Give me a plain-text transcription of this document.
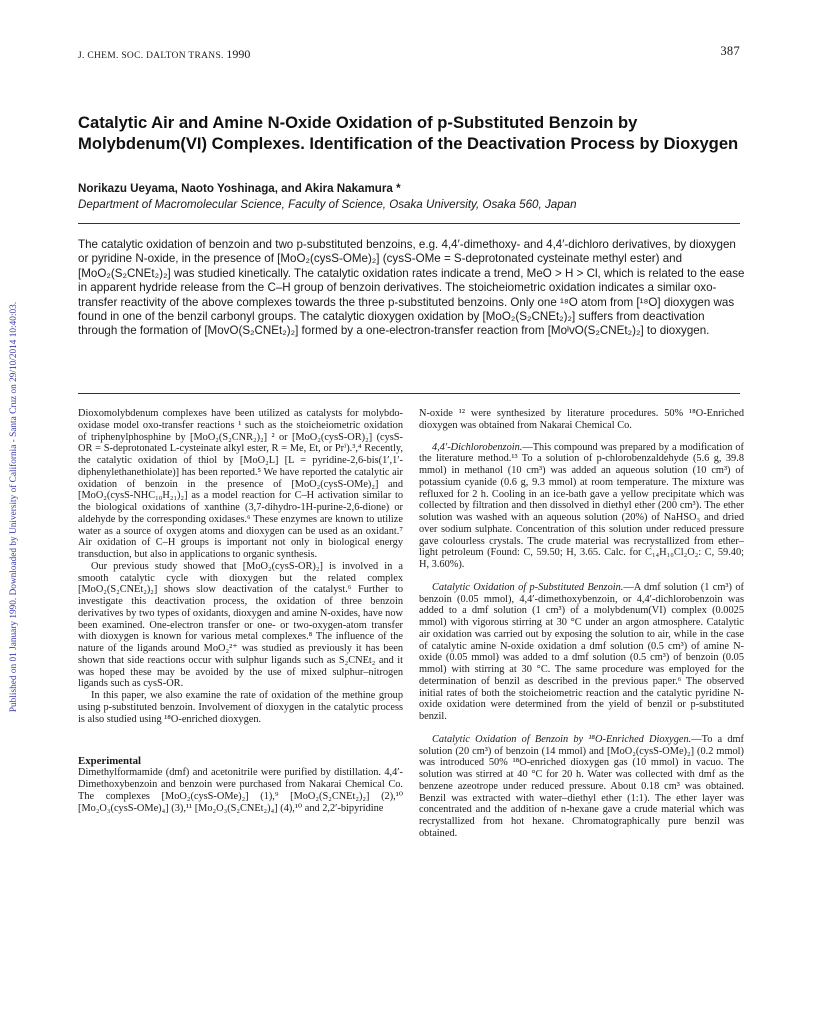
Published on 01 January 1990. Downloaded by University of California - Santa Cruz on 29/10/2014 10:40:03.
J. CHEM. SOC. DALTON TRANS. 1990	387
Catalytic Air and Amine N-Oxide Oxidation of p-Substituted Benzoin by Molybdenum(VI) Complexes. Identification of the Deactivation Process by Dioxygen
Norikazu Ueyama, Naoto Yoshinaga, and Akira Nakamura *
Department of Macromolecular Science, Faculty of Science, Osaka University, Osaka 560, Japan

The catalytic oxidation of benzoin and two p-substituted benzoins, e.g. 4,4′-dimethoxy- and 4,4′-dichloro derivatives, by dioxygen or pyridine N-oxide, in the presence of [MoO₂(cysS-OMe)₂] (cysS-OMe = S-deprotonated cysteinate methyl ester) and [MoO₂(S₂CNEt₂)₂] was studied kinetically. The catalytic oxidation rates indicate a trend, MeO > H > Cl, which is related to the ease in apparent hydride release from the C–H group of benzoin derivatives. The stoicheiometric oxidation indicates a similar oxo-transfer reactivity of the above complexes towards the three p-substituted benzoins. Only one ¹⁸O atom from [¹⁸O] dioxygen was found in one of the benzil carbonyl groups. The catalytic dioxygen oxidation by [MoO₂(S₂CNEt₂)₂] suffers from deactivation through the formation of [MoᴠO(S₂CNEt₂)₂] formed by a one-electron-transfer reaction from [MoᴵᴠO(S₂CNEt₂)₂] to dioxygen.

Dioxomolybdenum complexes have been utilized as catalysts for molybdo-oxidase model oxo-transfer reactions ¹ such as the stoicheiometric oxidation of triphenylphosphine by [MoO₂(S₂CNR₂)₂] ² or [MoO₂(cysS-OR)₂] (cysS-OR = S-deprotonated L-cysteinate alkyl ester, R = Me, Et, or Prⁱ).³,⁴ Recently, the catalytic oxidation of thiol by [MoO₂L] [L = pyridine-2,6-bis(1′,1′-diphenylethanethiolate)] has been reported.⁵ We have reported the catalytic air oxidation of benzoin in the presence of [MoO₂(cysS-OMe)₂] and [MoO₂(cysS-NHC₁₀H₂₁)₂] as a model reaction for C–H activation similar to the biological oxidations of xanthine (3,7-dihydro-1H-purine-2,6-dione) or aldehyde by the corresponding oxidases.⁶ These enzymes are known to utilize water as a source of oxygen atoms and dioxygen can be used as an oxidant.⁷ Air oxidation of C–H groups is important not only in biological energy transduction, but also in applications to organic synthesis.

Our previous study showed that [MoO₂(cysS-OR)₂] is involved in a smooth catalytic cycle with dioxygen but the related complex [MoO₂(S₂CNEt₂)₂] shows slow deactivation of the catalyst.⁶ Further to investigate this deactivation process, the oxidation of three benzoin derivatives by two types of oxidants, dioxygen and amine N-oxides, have now been examined. One-electron transfer or one- or two-oxygen-atom transfer with dioxygen is known for various metal complexes.⁸ The influence of the nature of the ligands around MoO₂²⁺ was studied as previously it has been shown that side reactions occur with sulphur ligands such as S₂CNEt₂ and it was hoped these may be avoided by the use of mixed sulphur–nitrogen ligands such as cysS-OR.

In this paper, we also examine the rate of oxidation of the methine group using p-substituted benzoin. Involvement of dioxygen in the catalytic process is also studied using ¹⁸O-enriched dioxygen.

Experimental

Dimethylformamide (dmf) and acetonitrile were purified by distillation. 4,4′-Dimethoxybenzoin and benzoin were purchased from Nakarai Chemical Co. The complexes [MoO₂(cysS-OMe)₂] (1),⁹ [MoO₂(S₂CNEt₂)₂] (2),¹⁰ [Mo₂O₃(cysS-OMe)₄] (3),¹¹ [Mo₂O₃(S₂CNEt₂)₄] (4),¹⁰ and 2,2′-bipyridine

N-oxide ¹² were synthesized by literature procedures. 50% ¹⁸O-Enriched dioxygen was obtained from Nakarai Chemical Co.

4,4′-Dichlorobenzoin.—This compound was prepared by a modification of the literature method.¹³ To a solution of p-chlorobenzaldehyde (5.6 g, 39.8 mmol) in methanol (10 cm³) was added an aqueous solution (10 cm³) of potassium cyanide (0.6 g, 9.3 mmol) at room temperature. The mixture was refluxed for 2 h. Cooling in an ice-bath gave a yellow precipitate which was collected by filtration and then dissolved in diethyl ether (200 cm³). The ether solution was washed with an aqueous solution (20%) of NaHSO₃ and dried over sodium sulphate. Concentration of this solution under reduced pressure gave colourless crystals. The crude material was recrystallized from ether–light petroleum (Found: C, 59.50; H, 3.65. Calc. for C₁₄H₁₀Cl₂O₂: C, 59.40; H, 3.60%).

Catalytic Oxidation of p-Substituted Benzoin.—A dmf solution (1 cm³) of benzoin (0.05 mmol), 4,4′-dimethoxybenzoin, or 4,4′-dichlorobenzoin was added to a dmf solution (1 cm³) of a molybdenum(VI) complex (0.0025 mmol) with vigorous stirring at 30 °C under an argon atmosphere. Catalytic air oxidation was carried out by exposing the solution to air, while in the case of catalytic amine N-oxide oxidation a dmf solution (0.5 cm³) of amine N-oxide (0.05 mmol) was added to a dmf solution (0.5 cm³) of benzoin (0.05 mmol) with stirring at 30 °C. The same procedure was employed for the determination of benzil as described in the previous paper.⁶ The observed initial rates of both the stoicheiometric reaction and the catalytic pyridine N-oxide oxidation were determined from the yield of benzil or p-substituted benzil.

Catalytic Oxidation of Benzoin by ¹⁸O-Enriched Dioxygen.—To a dmf solution (20 cm³) of benzoin (14 mmol) and [MoO₂(cysS-OMe)₂] (0.2 mmol) was introduced 50% ¹⁸O-enriched dioxygen gas (10 mmol) in vacuo. The solution was stirred at 40 °C for 20 h. Water was collected with dmf as the benzene azeotrope under reduced pressure. About 0.18 cm³ was obtained. Benzil was extracted with water–diethyl ether (1:1). The ether layer was concentrated and the addition of n-hexane gave a crude material which was recrystallized from hot hexane. Chromatographically pure benzil was obtained.
